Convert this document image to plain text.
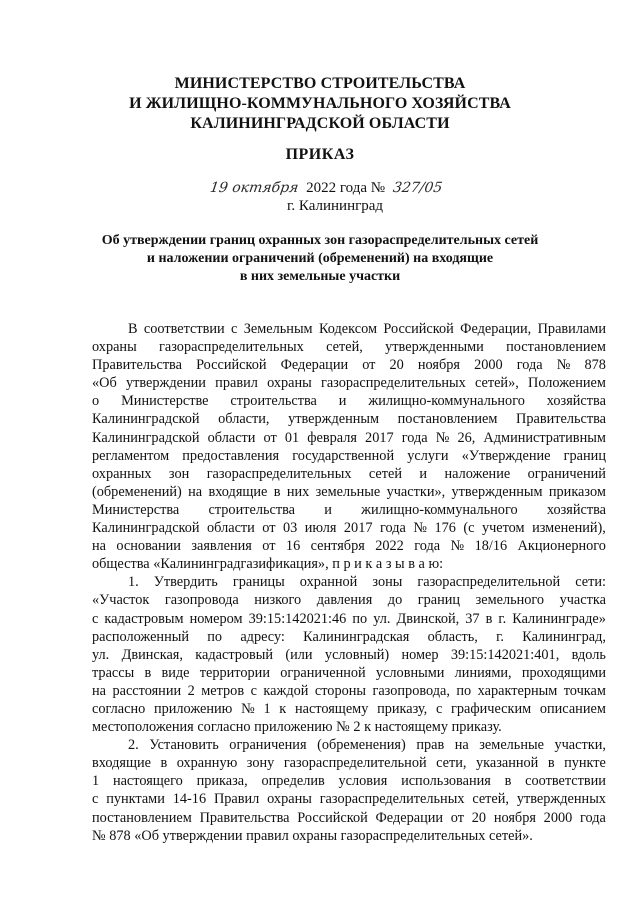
МИНИСТЕРСТВО СТРОИТЕЛЬСТВА
И ЖИЛИЩНО-КОММУНАЛЬНОГО ХОЗЯЙСТВА
КАЛИНИНГРАДСКОЙ ОБЛАСТИ
ПРИКАЗ
19 октября 2022 года № 327/05
г. Калининград
Об утверждении границ охранных зон газораспределительных сетей
и наложении ограничений (обременений) на входящие
в них земельные участки
В соответствии с Земельным Кодексом Российской Федерации, Правилами
охраны газораспределительных сетей, утвержденными постановлением
Правительства Российской Федерации от 20 ноября 2000 года № 878
«Об утверждении правил охраны газораспределительных сетей», Положением
о Министерстве строительства и жилищно-коммунального хозяйства
Калининградской области, утвержденным постановлением Правительства
Калининградской области от 01 февраля 2017 года № 26, Административным
регламентом предоставления государственной услуги «Утверждение границ
охранных зон газораспределительных сетей и наложение ограничений
(обременений) на входящие в них земельные участки», утвержденным приказом
Министерства строительства и жилищно-коммунального хозяйства
Калининградской области от 03 июля 2017 года № 176 (с учетом изменений),
на основании заявления от 16 сентября 2022 года № 18/16 Акционерного
общества «Калининградгазификация», п р и к а з ы в а ю:
1. Утвердить границы охранной зоны газораспределительной сети:
«Участок газопровода низкого давления до границ земельного участка
с кадастровым номером 39:15:142021:46 по ул. Двинской, 37 в г. Калининграде»
расположенный по адресу: Калининградская область, г. Калининград,
ул. Двинская, кадастровый (или условный) номер 39:15:142021:401, вдоль
трассы в виде территории ограниченной условными линиями, проходящими
на расстоянии 2 метров с каждой стороны газопровода, по характерным точкам
согласно приложению № 1 к настоящему приказу, с графическим описанием
местоположения согласно приложению № 2 к настоящему приказу.
2. Установить ограничения (обременения) прав на земельные участки,
входящие в охранную зону газораспределительной сети, указанной в пункте
1 настоящего приказа, определив условия использования в соответствии
с пунктами 14-16 Правил охраны газораспределительных сетей, утвержденных
постановлением Правительства Российской Федерации от 20 ноября 2000 года
№ 878 «Об утверждении правил охраны газораспределительных сетей».
